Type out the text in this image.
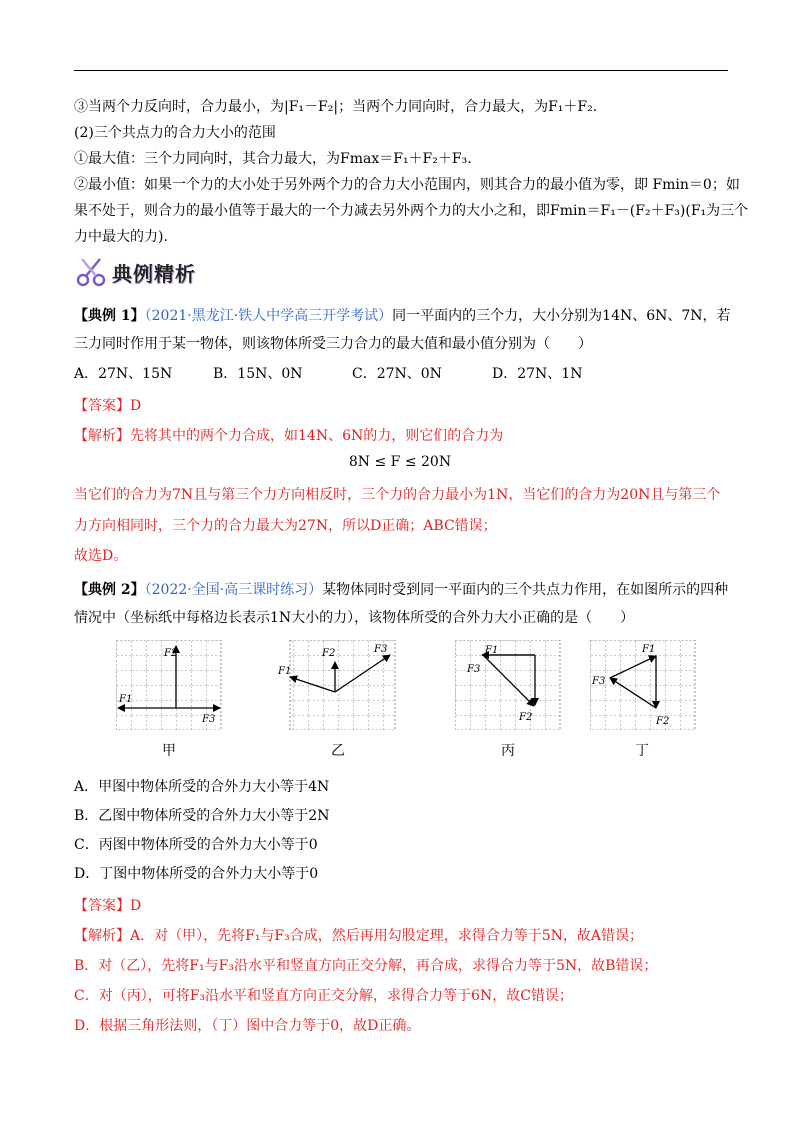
③当两个力反向时，合力最小，为|F₁－F₂|；当两个力同向时，合力最大，为F₁＋F₂.
(2)三个共点力的合力大小的范围
①最大值：三个力同向时，其合力最大，为Fmax＝F₁＋F₂＋F₃.
②最小值：如果一个力的大小处于另外两个力的合力大小范围内，则其合力的最小值为零，即 Fmin＝0；如
果不处于，则合力的最小值等于最大的一个力减去另外两个力的大小之和，即Fmin＝F₁－(F₂＋F₃)(F₁为三个
力中最大的力).
典例精析
【典例 1】（2021·黑龙江·铁人中学高三开学考试）同一平面内的三个力，大小分别为14N、6N、7N，若
三力同时作用于某一物体，则该物体所受三力合力的最大值和最小值分别为（　　）
A．27N、15N	B．15N、0N	C．27N、0N	D．27N、1N
【答案】D
【解析】先将其中的两个力合成，如14N、6N的力，则它们的合力为
8N ≤ F ≤ 20N
当它们的合力为7N且与第三个力方向相反时，三个力的合力最小为1N，当它们的合力为20N且与第三个
力方向相同时，三个力的合力最大为27N，所以D正确；ABC错误；
故选D。
【典例 2】（2022·全国·高三课时练习）某物体同时受到同一平面内的三个共点力作用，在如图所示的四种
情况中（坐标纸中每格边长表示1N大小的力），该物体所受的合外力大小正确的是（　　）
F2
F1
F3
F2
F1
F3	F1
F3
F2
F1
F3
F2
甲	乙	丙	丁
A．甲图中物体所受的合外力大小等于4N
B．乙图中物体所受的合外力大小等于2N
C．丙图中物体所受的合外力大小等于0
D．丁图中物体所受的合外力大小等于0
【答案】D
【解析】A．对（甲），先将F₁与F₃合成，然后再用勾股定理，求得合力等于5N，故A错误；
B．对（乙），先将F₁与F₃沿水平和竖直方向正交分解，再合成，求得合力等于5N，故B错误；
C．对（丙），可将F₃沿水平和竖直方向正交分解，求得合力等于6N，故C错误；
D．根据三角形法则，（丁）图中合力等于0，故D正确。
